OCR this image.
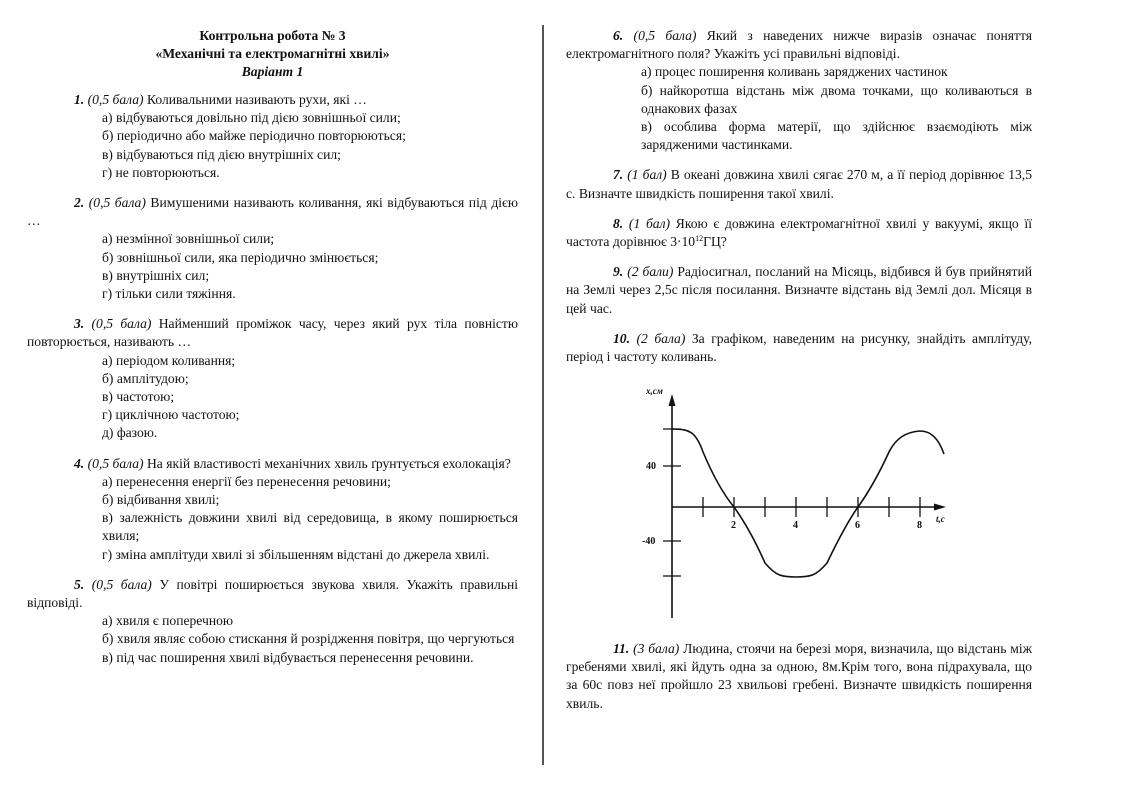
Контрольна робота № 3
«Механічні та електромагнітні хвилі»
Варіант 1
1. (0,5 бала) Коливальними називають рухи, які …
а) відбуваються довільно під дією зовнішньої сили;
б) періодично або майже періодично повторюються;
в) відбуваються під дією внутрішніх сил;
г) не повторюються.
2. (0,5 бала) Вимушеними називають коливання, які відбуваються під дією …
а) незмінної зовнішньої сили;
б) зовнішньої сили, яка періодично змінюється;
в) внутрішніх сил;
г) тільки сили тяжіння.
3. (0,5 бала) Найменший проміжок часу, через який рух тіла повністю повторюється, називають …
а) періодом коливання;
б) амплітудою;
в) частотою;
г) циклічною частотою;
д) фазою.
4. (0,5 бала) На якій властивості механічних хвиль ґрунтується ехолокація?
а) перенесення енергії без перенесення речовини;
б) відбивання хвилі;
в) залежність довжини хвилі від середовища, в якому поширюється хвиля;
г) зміна амплітуди хвилі зі збільшенням відстані до джерела хвилі.
5. (0,5 бала) У повітрі поширюється звукова хвиля. Укажіть правильні відповіді.
а) хвиля є поперечною
б) хвиля являє собою стискання й розрідження повітря, що чергуються
в) під час поширення хвилі відбувається перенесення речовини.
6. (0,5 бала) Який з наведених нижче виразів означає поняття електромагнітного поля? Укажіть усі правильні відповіді.
а) процес поширення коливань заряджених частинок
б) найкоротша відстань між двома точками, що коливаються в однакових фазах
в) особлива форма матерії, що здійснює взаємодіють між зарядженими частинками.
7. (1 бал) В океані довжина хвилі сягає 270 м, а її період дорівнює 13,5 с. Визначте швидкість поширення такої хвилі.
8. (1 бал) Якою є довжина електромагнітної хвилі у вакуумі, якщо її частота дорівнює $3\cdot 10^{12}ГЦ$?
9. (2 бали) Радіосигнал, посланий на Місяць, відбився й був прийнятий на Землі через 2,5с після посилання. Визначте відстань від Землі дол. Місяця в цей час.
10. (2 бала) За графіком, наведеним на рисунку, знайдіть амплітуду, період і частоту коливань.
11. (3 бала) Людина, стоячи на березі моря, визначила, що відстань між гребенями хвилі, які йдуть одна за одною, 8м.Крім того, вона підрахувала, що за 60с повз неї пройшло 23 хвильові гребені. Визначте швидкість поширення хвиль.
x,см
t,c
40
-40
2	4	6	8
